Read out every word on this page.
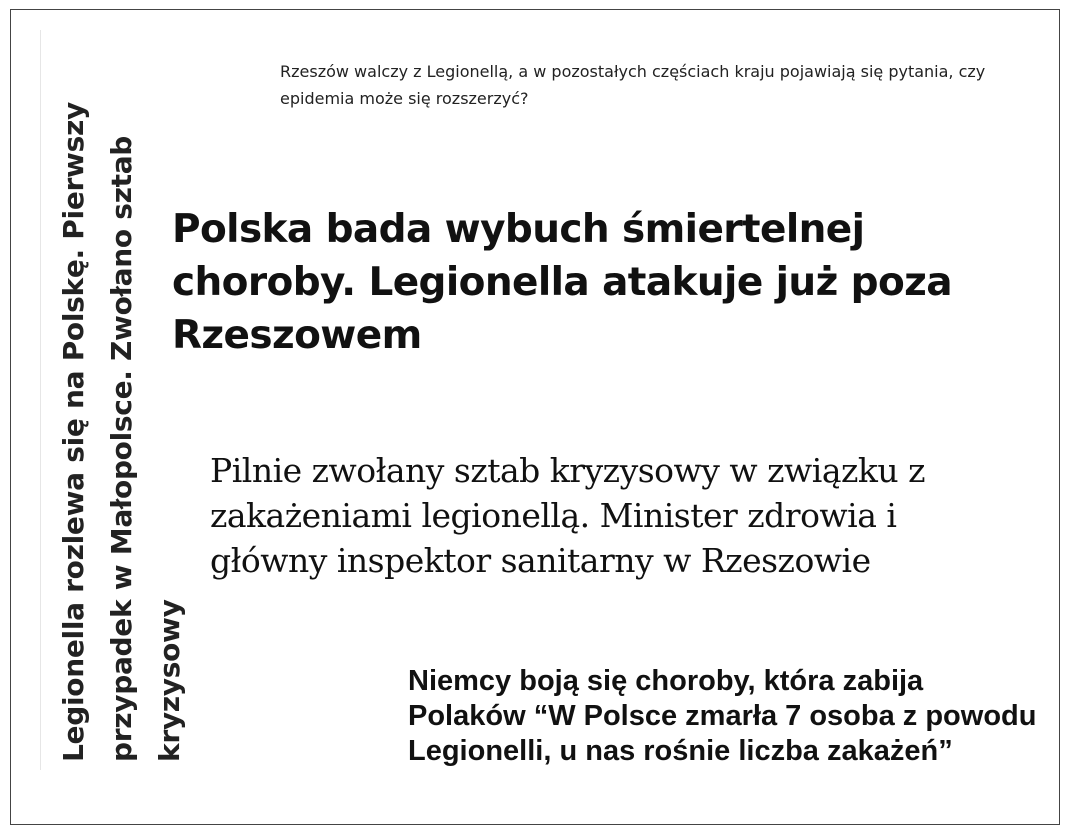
Rzeszów walczy z Legionellą, a w pozostałych częściach kraju pojawiają się pytania, czy epidemia może się rozszerzyć?
Polska bada wybuch śmiertelnej choroby. Legionella atakuje już poza Rzeszowem
Pilnie zwołany sztab kryzysowy w związku z zakażeniami legionellą. Minister zdrowia i główny inspektor sanitarny w Rzeszowie
Niemcy boją się choroby, która zabija Polaków “W Polsce zmarła 7 osoba z powodu Legionelli, u nas rośnie liczba zakażeń”
Legionella rozlewa się na Polskę. Pierwszy przypadek w Małopolsce. Zwołano sztab kryzysowy
